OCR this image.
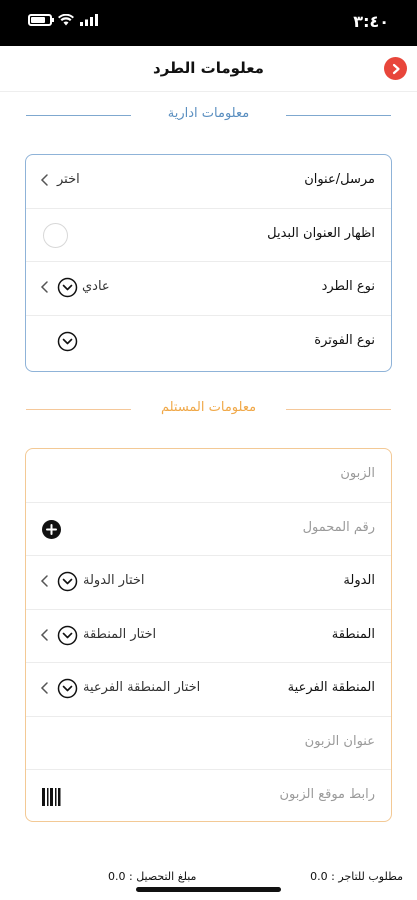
٣:٤٠
معلومات الطرد
معلومات ادارية
مرسل/عنوان
اختر
اظهار العنوان البديل
نوع الطرد
عادي
نوع الفوترة
معلومات المستلم
الزبون
رقم المحمول
الدولة
اختار الدولة
المنطقة
اختار المنطقة
المنطقة الفرعية
اختار المنطقة الفرعية
عنوان الزبون
رابط موقع الزبون
مطلوب للتاجر : 0.0
مبلغ التحصيل : 0.0
